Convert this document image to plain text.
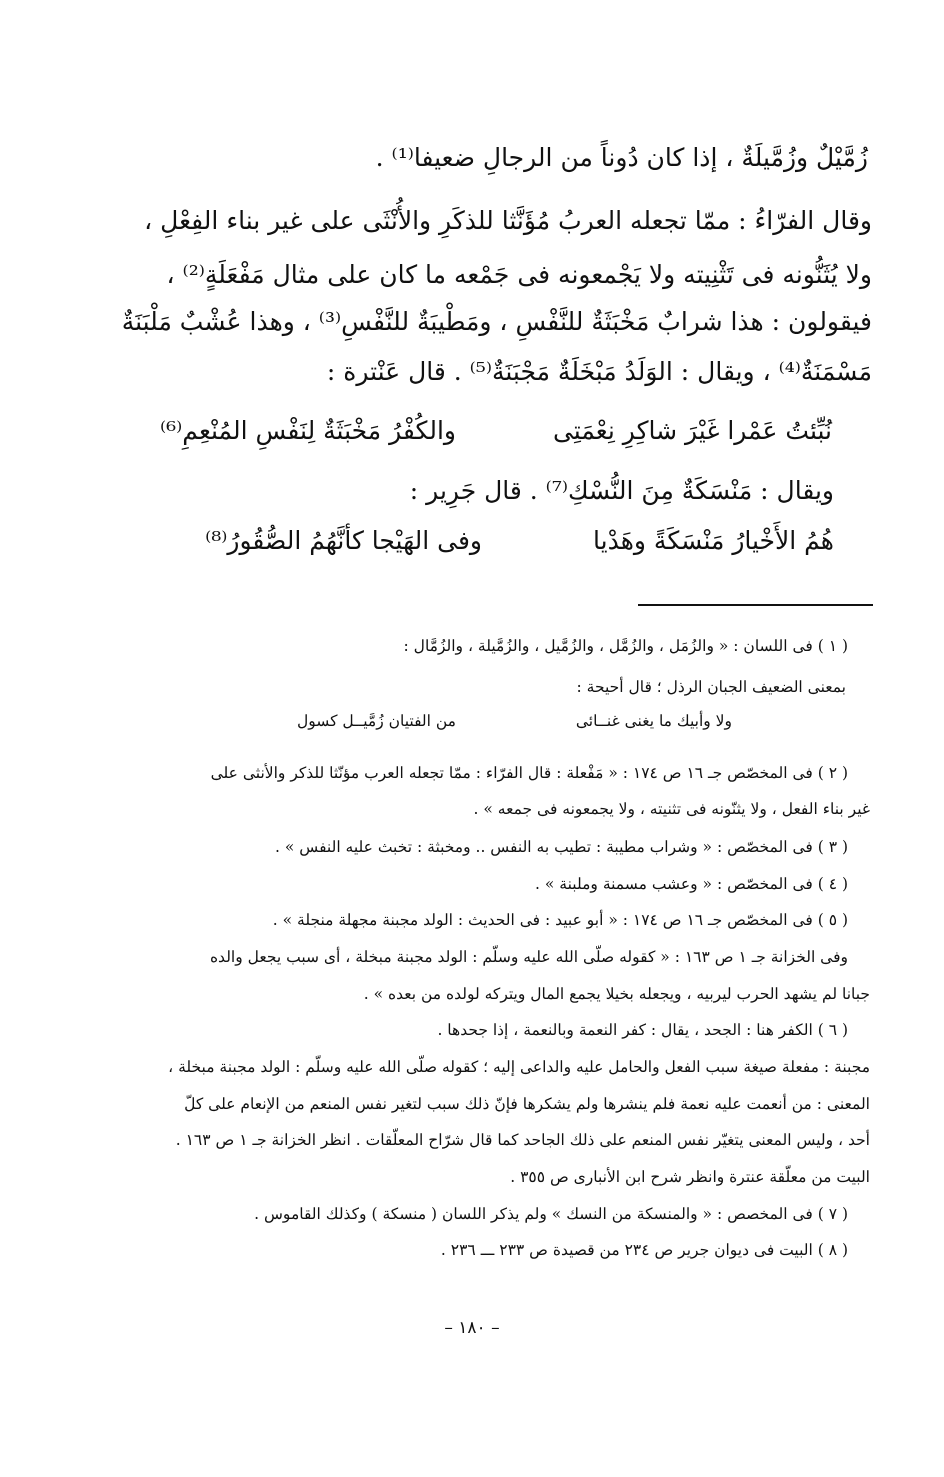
زُمَّيْلٌ وزُمَّيلَةٌ ، إذا كان دُوناً من الرجالِ ضعيفا⁽¹⁾ .
وقال الفرّاءُ : ممّا تجعله العربُ مُؤَنَّثا للذكَرِ والأُنْثَى على غير بناء الفِعْلِ ،
ولا يُثَنُّونه فى تَثْنِيته ولا يَجْمعونه فى جَمْعه ما كان على مثال مَفْعَلَةٍ⁽²⁾ ،
فيقولون : هذا شرابٌ مَخْبَثَةٌ للنَّفْسِ ، ومَطْيبَةٌ للنَّفْسِ⁽³⁾ ، وهذا عُشْبٌ مَلْبَنَةٌ
مَسْمَنَةٌ⁽⁴⁾ ، ويقال : الوَلَدُ مَبْخَلَةٌ مَجْبَنَةٌ⁽⁵⁾ . قال عَنْترة :
نُبِّئتُ عَمْرا غَيْرَ شاكِرِ نِعْمَتِى
والكُفْرُ مَخْبَثَةٌ لِنَفْسِ المُنْعِمِ⁽⁶⁾
ويقال : مَنْسَكَةٌ مِنَ النُّسْكِ⁽⁷⁾ . قال جَرِير :
هُمُ الأَخْيارُ مَنْسَكَةً وهَدْيا
وفى الهَيْجا كأنَّهُمُ الصُّقُورُ⁽⁸⁾
( ١ ) فى اللسان : « والزُمَل ، والزُمَّل ، والزُمَّيل ، والزُمَّيلة ، والزُمَّال :
بمعنى الضعيف الجبان الرذل ؛ قال أحيحة :
ولا وأبيك ما يغنى غنــائى
من الفتيان زُمَّيــل كسول
( ٢ ) فى المخصّص جـ ١٦ ص ١٧٤ : « مَفْعلة : قال الفرّاء : ممّا تجعله العرب مؤنّثا للذكر والأنثى على
غير بناء الفعل ، ولا يثنّونه فى تثنيته ، ولا يجمعونه فى جمعه » .
( ٣ ) فى المخصّص : « وشراب مطيبة : تطيب به النفس .. ومخبثة : تخبث عليه النفس » .
( ٤ ) فى المخصّص : « وعشب مسمنة وملبنة » .
( ٥ ) فى المخصّص جـ ١٦ ص ١٧٤ : « أبو عبيد : فى الحديث : الولد مجبنة مجهلة منجلة » .
وفى الخزانة جـ ١ ص ١٦٣ : « كقوله صلّى الله عليه وسلّم : الولد مجبنة مبخلة ، أى سبب يجعل والده
جبانا لم يشهد الحرب ليربيه ، ويجعله بخيلا يجمع المال ويتركه لولده من بعده » .
( ٦ ) الكفر هنا : الجحد ، يقال : كفر النعمة وبالنعمة ، إذا جحدها .
مجبنة : مفعلة صيغة سبب الفعل والحامل عليه والداعى إليه ؛ كقوله صلّى الله عليه وسلّم : الولد مجبنة مبخلة ،
المعنى : من أنعمت عليه نعمة فلم ينشرها ولم يشكرها فإنّ ذلك سبب لتغير نفس المنعم من الإنعام على كلّ
أحد ، وليس المعنى يتغيّر نفس المنعم على ذلك الجاحد كما قال شرّاح المعلّقات . انظر الخزانة جـ ١ ص ١٦٣ .
البيت من معلّقة عنترة وانظر شرح ابن الأنبارى ص ٣٥٥ .
( ٧ ) فى المخصص : « والمنسكة من النسك » ولم يذكر اللسان ( منسكة ) وكذلك القاموس .
( ٨ ) البيت فى ديوان جرير ص ٢٣٤ من قصيدة ص ٢٣٣ ـــ ٢٣٦ .
– ١٨٠ –
